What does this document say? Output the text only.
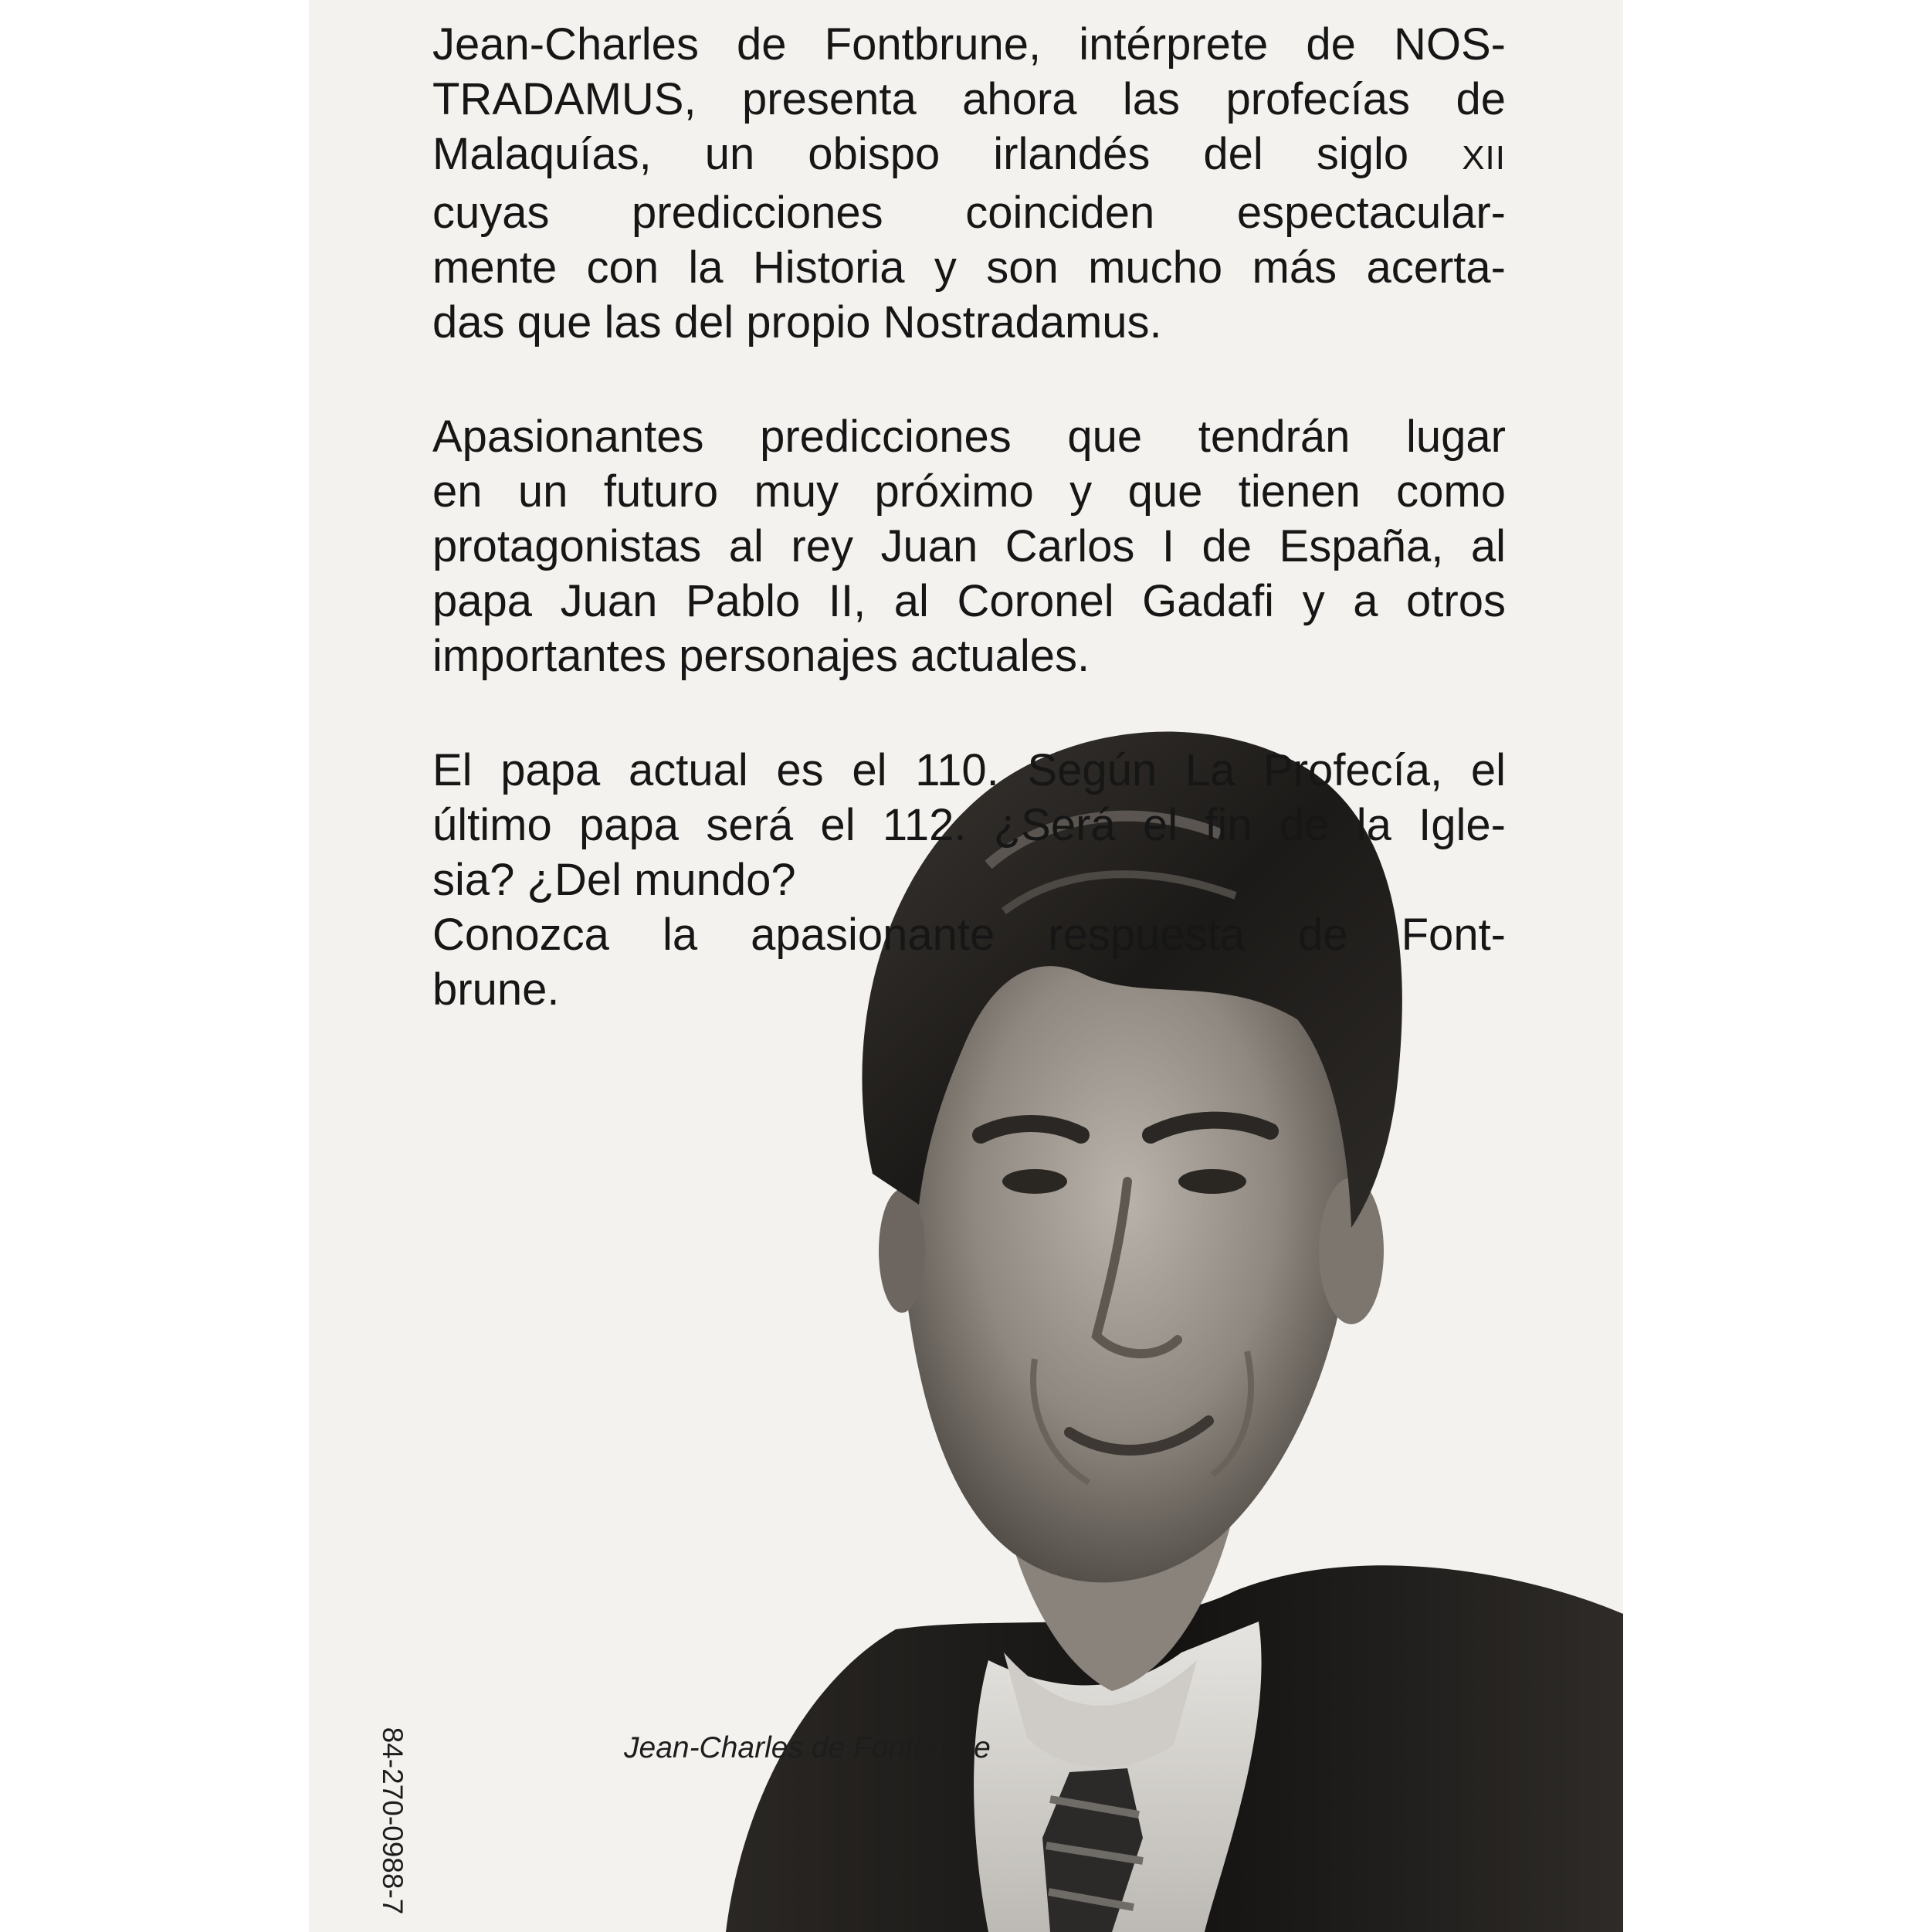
Jean-Charles de Fontbrune, intérprete de NOS-
TRADAMUS, presenta ahora las profecías de
Malaquías, un obispo irlandés del siglo XII
cuyas predicciones coinciden espectacular-
mente con la Historia y son mucho más acerta-
das que las del propio Nostradamus.
Apasionantes predicciones que tendrán lugar
en un futuro muy próximo y que tienen como
protagonistas al rey Juan Carlos I de España, al
papa Juan Pablo II, al Coronel Gadafi y a otros
importantes personajes actuales.
El papa actual es el 110. Según La Profecía, el
último papa será el 112. ¿Será el fin de la Igle-
sia? ¿Del mundo?
Conozca la apasionante respuesta de Font-
brune.
Jean-Charles de Fontbrune
84-270-0988-7
